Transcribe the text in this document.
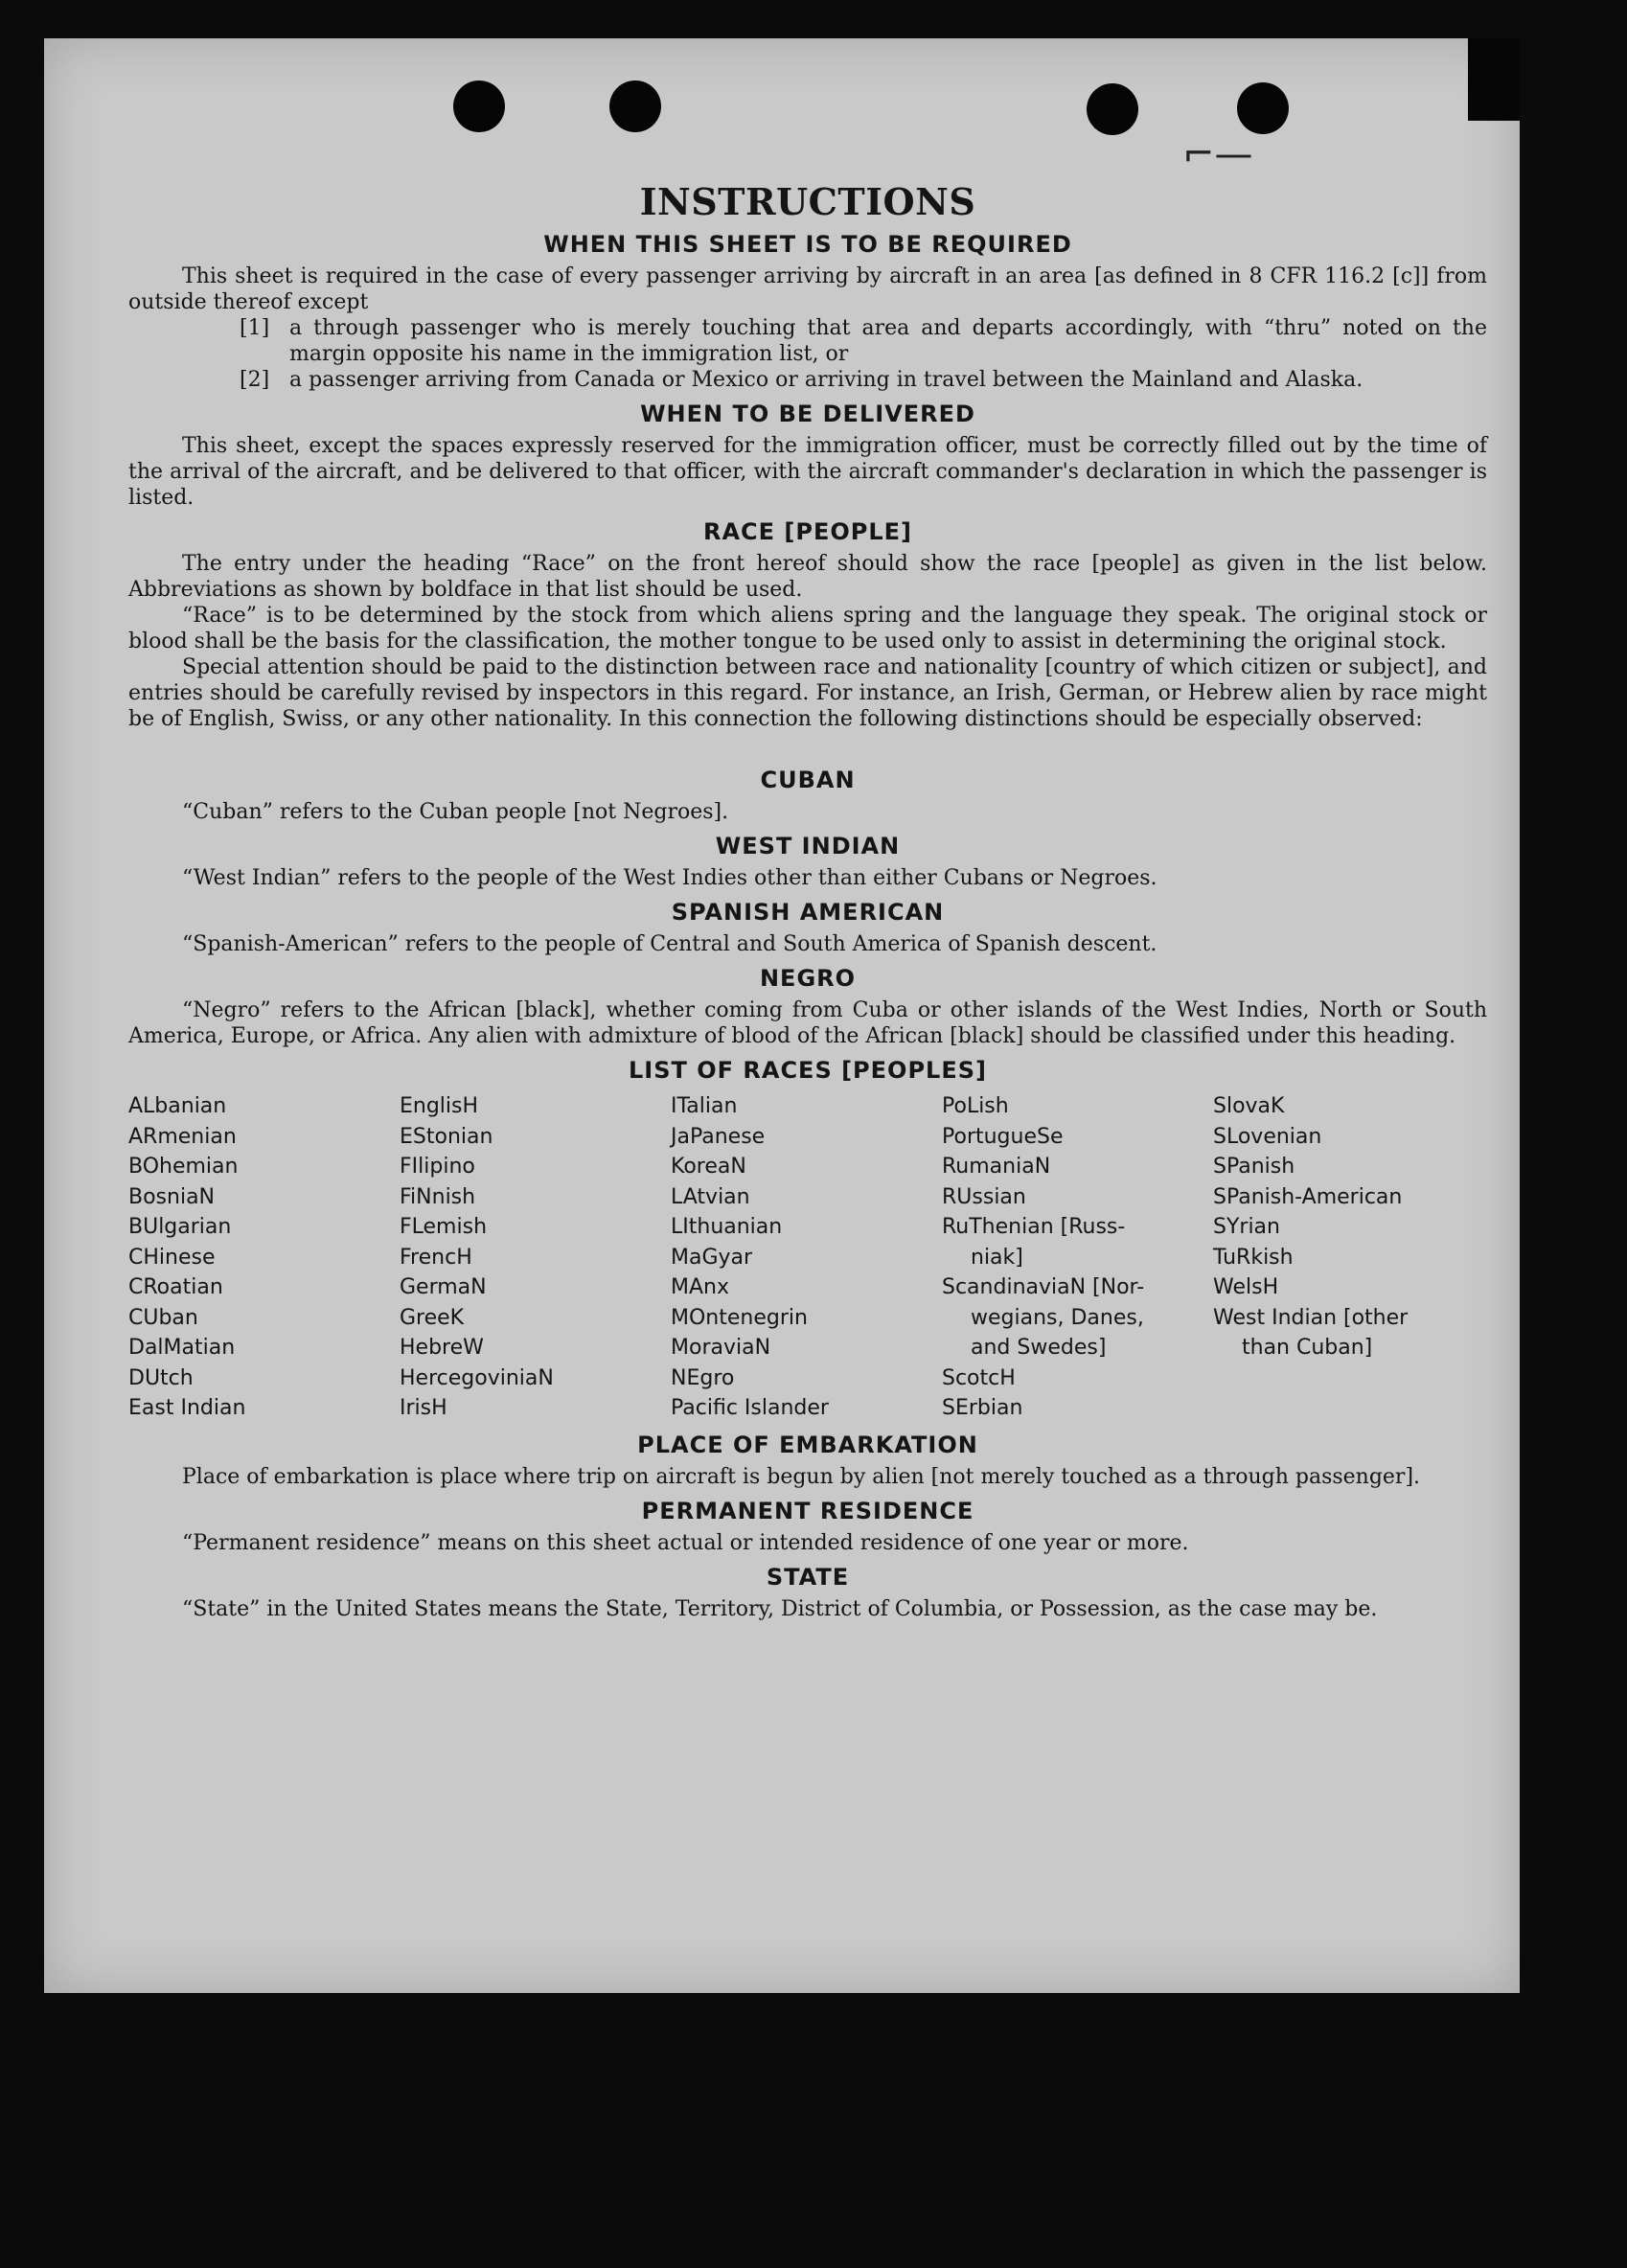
⌐—
INSTRUCTIONS
WHEN THIS SHEET IS TO BE REQUIRED

This sheet is required in the case of every passenger arriving by aircraft in an area [as defined in 8 CFR 116.2 [c]] from outside thereof except

[1] a through passenger who is merely touching that area and departs accordingly, with “thru” noted on the margin opposite his name in the immigration list, or
[2] a passenger arriving from Canada or Mexico or arriving in travel between the Mainland and Alaska.
WHEN TO BE DELIVERED

This sheet, except the spaces expressly reserved for the immigration officer, must be correctly filled out by the time of the arrival of the aircraft, and be delivered to that officer, with the aircraft commander's declaration in which the passenger is listed.

RACE [PEOPLE]

The entry under the heading “Race” on the front hereof should show the race [people] as given in the list below. Abbreviations as shown by boldface in that list should be used.

“Race” is to be determined by the stock from which aliens spring and the language they speak. The original stock or blood shall be the basis for the classification, the mother tongue to be used only to assist in determining the original stock.

Special attention should be paid to the distinction between race and nationality [country of which citizen or subject], and entries should be carefully revised by inspectors in this regard. For instance, an Irish, German, or Hebrew alien by race might be of English, Swiss, or any other nationality. In this connection the following distinctions should be especially observed:

CUBAN

“Cuban” refers to the Cuban people [not Negroes].

WEST INDIAN

“West Indian” refers to the people of the West Indies other than either Cubans or Negroes.

SPANISH AMERICAN

“Spanish-American” refers to the people of Central and South America of Spanish descent.

NEGRO

“Negro” refers to the African [black], whether coming from Cuba or other islands of the West Indies, North or South America, Europe, or Africa. Any alien with admixture of blood of the African [black] should be classified under this heading.

LIST OF RACES [PEOPLES]
ALbanian
ARmenian
BOhemian
BosniaN
BUlgarian
CHinese
CRoatian
CUban
DalMatian
DUtch
East Indian
EnglisH
EStonian
FIlipino
FiNnish
FLemish
FrencH
GermaN
GreeK
HebreW
HercegoviniaN
IrisH
ITalian
JaPanese
KoreaN
LAtvian
LIthuanian
MaGyar
MAnx
MOntenegrin
MoraviaN
NEgro
Pacific Islander
PoLish
PortugueSe
RumaniaN
RUssian
RuThenian [Russ-
niak]
ScandinaviaN [Nor-
wegians, Danes,
and Swedes]
ScotcH
SErbian
SlovaK
SLovenian
SPanish
SPanish-American
SYrian
TuRkish
WelsH
West Indian [other
than Cuban]
PLACE OF EMBARKATION

Place of embarkation is place where trip on aircraft is begun by alien [not merely touched as a through passenger].

PERMANENT RESIDENCE

“Permanent residence” means on this sheet actual or intended residence of one year or more.

STATE

“State” in the United States means the State, Territory, District of Columbia, or Possession, as the case may be.
